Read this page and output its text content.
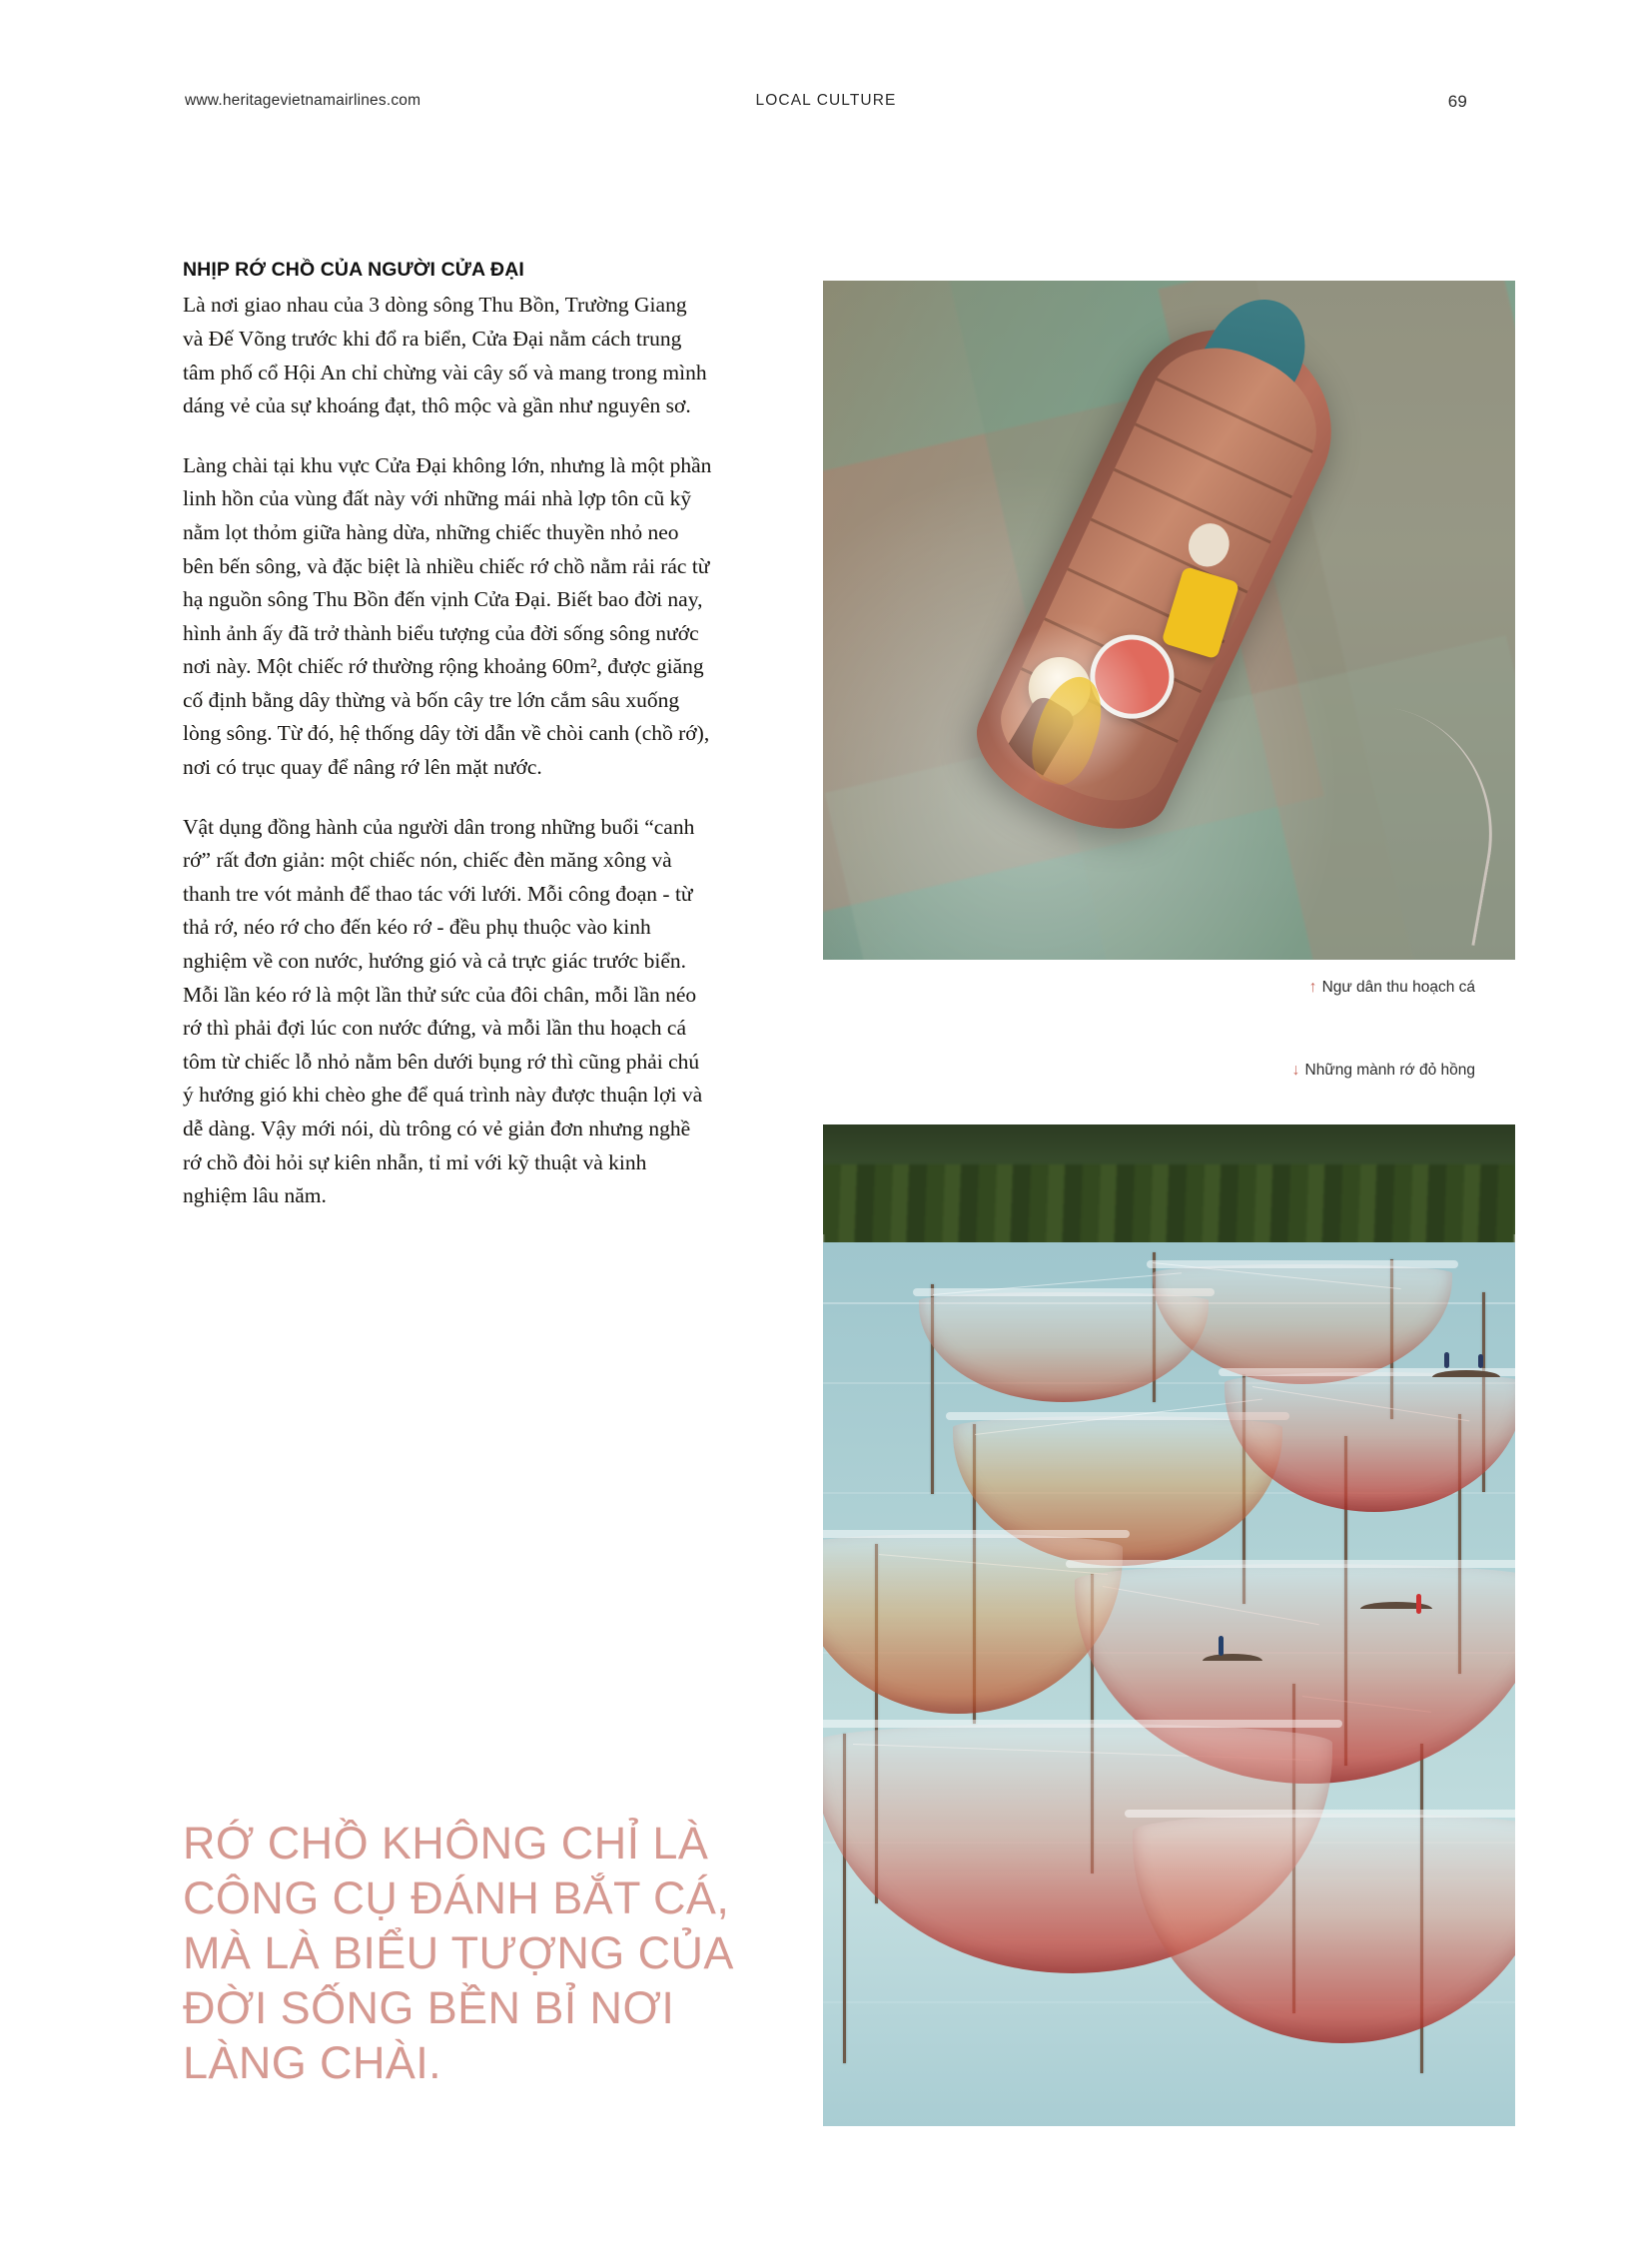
www.heritagevietnamairlines.com	LOCAL CULTURE	69
NHỊP RỚ CHỒ CỦA NGƯỜI CỬA ĐẠI

Là nơi giao nhau của 3 dòng sông Thu Bồn, Trường Giang và Đế Võng trước khi đổ ra biển, Cửa Đại nằm cách trung tâm phố cổ Hội An chỉ chừng vài cây số và mang trong mình dáng vẻ của sự khoáng đạt, thô mộc và gần như nguyên sơ.

Làng chài tại khu vực Cửa Đại không lớn, nhưng là một phần linh hồn của vùng đất này với những mái nhà lợp tôn cũ kỹ nằm lọt thỏm giữa hàng dừa, những chiếc thuyền nhỏ neo bên bến sông, và đặc biệt là nhiều chiếc rớ chồ nằm rải rác từ hạ nguồn sông Thu Bồn đến vịnh Cửa Đại. Biết bao đời nay, hình ảnh ấy đã trở thành biểu tượng của đời sống sông nước nơi này. Một chiếc rớ thường rộng khoảng 60m², được giăng cố định bằng dây thừng và bốn cây tre lớn cắm sâu xuống lòng sông. Từ đó, hệ thống dây tời dẫn về chòi canh (chồ rớ), nơi có trục quay để nâng rớ lên mặt nước.

Vật dụng đồng hành của người dân trong những buổi “canh rớ” rất đơn giản: một chiếc nón, chiếc đèn măng xông và thanh tre vót mảnh để thao tác với lưới. Mỗi công đoạn - từ thả rớ, néo rớ cho đến kéo rớ - đều phụ thuộc vào kinh nghiệm về con nước, hướng gió và cả trực giác trước biển. Mỗi lần kéo rớ là một lần thử sức của đôi chân, mỗi lần néo rớ thì phải đợi lúc con nước đứng, và mỗi lần thu hoạch cá tôm từ chiếc lỗ nhỏ nằm bên dưới bụng rớ thì cũng phải chú ý hướng gió khi chèo ghe để quá trình này được thuận lợi và dễ dàng. Vậy mới nói, dù trông có vẻ giản đơn nhưng nghề rớ chồ đòi hỏi sự kiên nhẫn, tỉ mỉ với kỹ thuật và kinh nghiệm lâu năm.

RỚ CHỒ KHÔNG CHỈ LÀ CÔNG CỤ ĐÁNH BẮT CÁ, MÀ LÀ BIỂU TƯỢNG CỦA ĐỜI SỐNG BỀN BỈ NƠI LÀNG CHÀI.
↑ Ngư dân thu hoạch cá
↓ Những mành rớ đỏ hồng
